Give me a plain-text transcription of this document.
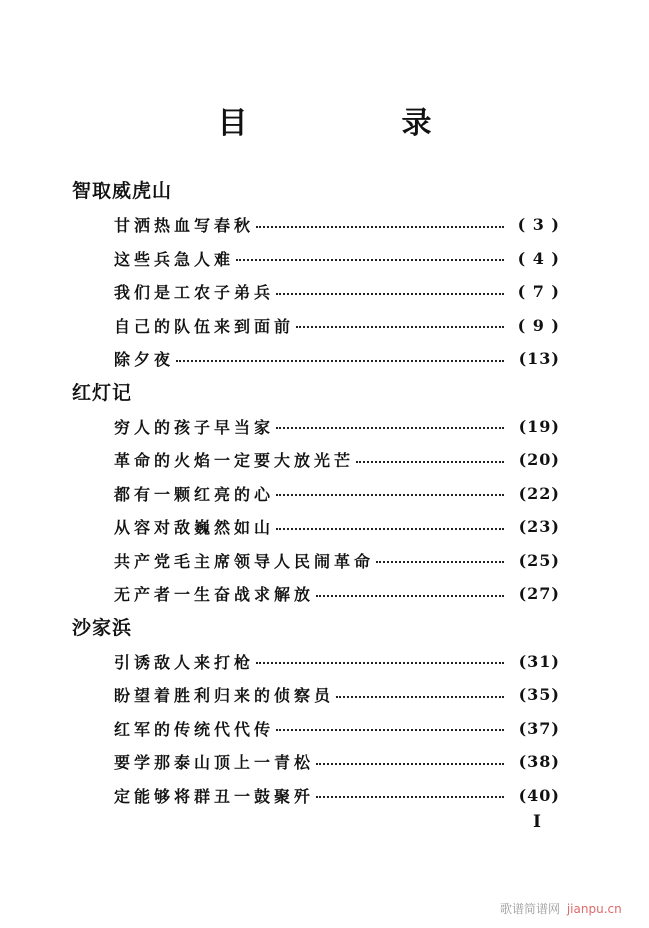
目　录
智取威虎山
甘洒热血写春秋	( 3 )
这些兵急人难	( 4 )
我们是工农子弟兵	( 7 )
自己的队伍来到面前	( 9 )
除夕夜	(13)
红灯记
穷人的孩子早当家	(19)
革命的火焰一定要大放光芒	(20)
都有一颗红亮的心	(22)
从容对敌巍然如山	(23)
共产党毛主席领导人民闹革命	(25)
无产者一生奋战求解放	(27)
沙家浜
引诱敌人来打枪	(31)
盼望着胜利归来的侦察员	(35)
红军的传统代代传	(37)
要学那泰山顶上一青松	(38)
定能够将群丑一鼓聚歼	(40)
I
歌谱简谱网 jianpu.cn
